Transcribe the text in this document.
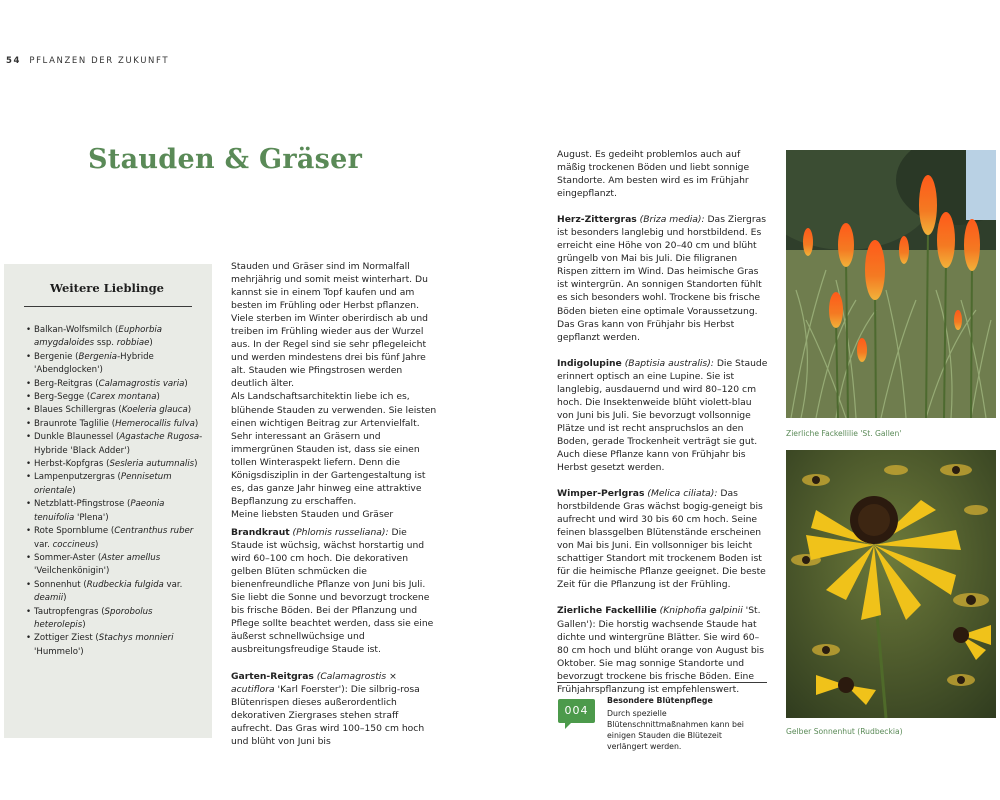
54 PFLANZEN DER ZUKUNFT
Stauden & Gräser
Weitere Lieblinge
• Balkan-Wolfsmilch (Euphorbia amygdaloides ssp. robbiae)
• Bergenie (Bergenia-Hybride 'Abendglocken')
• Berg-Reitgras (Calamagrostis varia)
• Berg-Segge (Carex montana)
• Blaues Schillergras (Koeleria glauca)
• Braunrote Taglilie (Hemerocallis fulva)
• Dunkle Blaunessel (Agastache Rugosa-Hybride 'Black Adder')
• Herbst-Kopfgras (Sesleria autumnalis)
• Lampenputzergras (Pennisetum orientale)
• Netzblatt-Pfingstrose (Paeonia tenuifolia 'Plena')
• Rote Spornblume (Centranthus ruber var. coccineus)
• Sommer-Aster (Aster amellus 'Veilchenkönigin')
• Sonnenhut (Rudbeckia fulgida var. deamii)
• Tautropfengras (Sporobolus heterolepis)
• Zottiger Ziest (Stachys monnieri 'Hummelo')

Stauden und Gräser sind im Normalfall mehrjährig und somit meist winterhart. Du kannst sie in einem Topf kaufen und am besten im Frühling oder Herbst pflanzen. Viele sterben im Winter oberirdisch ab und treiben im Frühling wieder aus der Wurzel aus. In der Regel sind sie sehr pflegeleicht und werden mindestens drei bis fünf Jahre alt. Stauden wie Pfingstrosen werden deutlich älter.

Als Landschaftsarchitektin liebe ich es, blühende Stauden zu verwenden. Sie leisten einen wichtigen Beitrag zur Artenvielfalt. Sehr interessant an Gräsern und immergrünen Stauden ist, dass sie einen tollen Winteraspekt liefern. Denn die Königsdisziplin in der Gartengestaltung ist es, das ganze Jahr hinweg eine attraktive Bepflanzung zu erschaffen.

Meine liebsten Stauden und Gräser

Brandkraut (Phlomis russeliana): Die Staude ist wüchsig, wächst horstartig und wird 60–100 cm hoch. Die dekorativen gelben Blüten schmücken die bienenfreundliche Pflanze von Juni bis Juli. Sie liebt die Sonne und bevorzugt trockene bis frische Böden. Bei der Pflanzung und Pflege sollte beachtet werden, dass sie eine äußerst schnellwüchsige und ausbreitungsfreudige Staude ist.

Garten-Reitgras (Calamagrostis × acutiflora 'Karl Foerster'): Die silbrig-rosa Blütenrispen dieses außerordentlich dekorativen Ziergrases stehen straff aufrecht. Das Gras wird 100–150 cm hoch und blüht von Juni bis

August. Es gedeiht problemlos auch auf mäßig trockenen Böden und liebt sonnige Standorte. Am besten wird es im Frühjahr eingepflanzt.

Herz-Zittergras (Briza media): Das Ziergras ist besonders langlebig und horstbildend. Es erreicht eine Höhe von 20–40 cm und blüht grüngelb von Mai bis Juli. Die filigranen Rispen zittern im Wind. Das heimische Gras ist wintergrün. An sonnigen Standorten fühlt es sich besonders wohl. Trockene bis frische Böden bieten eine optimale Voraussetzung. Das Gras kann von Frühjahr bis Herbst gepflanzt werden.

Indigolupine (Baptisia australis): Die Staude erinnert optisch an eine Lupine. Sie ist langlebig, ausdauernd und wird 80–120 cm hoch. Die Insektenweide blüht violett-blau von Juni bis Juli. Sie bevorzugt vollsonnige Plätze und ist recht anspruchslos an den Boden, gerade Trockenheit verträgt sie gut. Auch diese Pflanze kann von Frühjahr bis Herbst gesetzt werden.

Wimper-Perlgras (Melica ciliata): Das horstbildende Gras wächst bogig-geneigt bis aufrecht und wird 30 bis 60 cm hoch. Seine feinen blassgelben Blütenstände erscheinen von Mai bis Juni. Ein vollsonniger bis leicht schattiger Standort mit trockenem Boden ist für die heimische Pflanze geeignet. Die beste Zeit für die Pflanzung ist der Frühling.

Zierliche Fackellilie (Kniphofia galpinii 'St. Gallen'): Die horstig wachsende Staude hat dichte und wintergrüne Blätter. Sie wird 60–80 cm hoch und blüht orange von August bis Oktober. Sie mag sonnige Standorte und bevorzugt trockene bis frische Böden. Eine Frühjahrspflanzung ist empfehlenswert.

004
Besondere Blütenpflege
Durch spezielle Blütenschnittmaßnahmen kann bei einigen Stauden die Blütezeit verlängert werden.
Zierliche Fackellilie 'St. Gallen'
Gelber Sonnenhut (Rudbeckia)
